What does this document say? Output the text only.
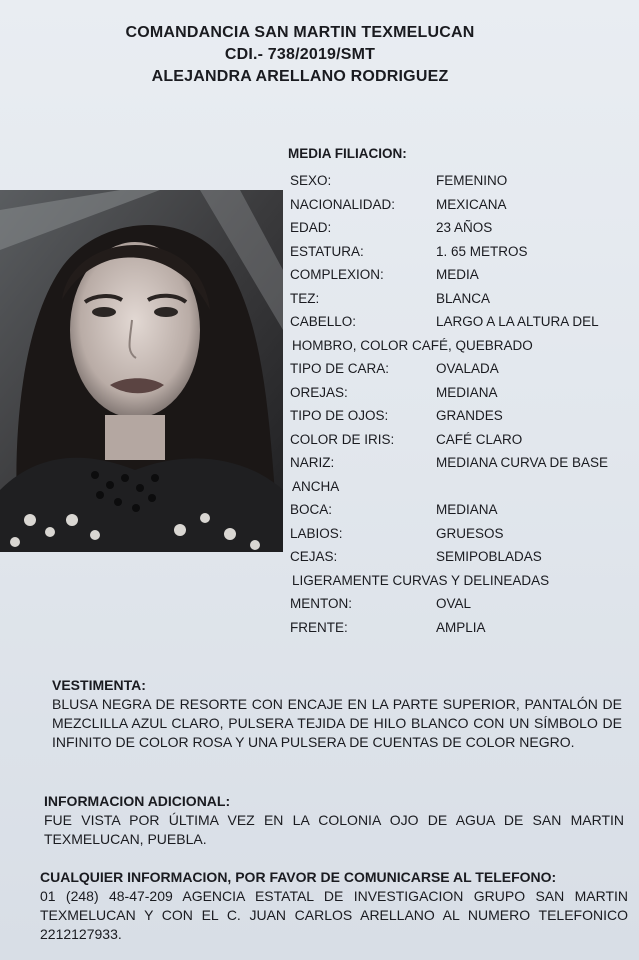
COMANDANCIA SAN MARTIN TEXMELUCAN
CDI.- 738/2019/SMT
ALEJANDRA ARELLANO RODRIGUEZ
MEDIA FILIACION:
SEXO:	FEMENINO
NACIONALIDAD:	MEXICANA
EDAD:	23 AÑOS
ESTATURA:	1. 65 METROS
COMPLEXION:	MEDIA
TEZ:	BLANCA
CABELLO:	LARGO A LA ALTURA DEL
HOMBRO, COLOR CAFÉ, QUEBRADO
TIPO DE CARA:	OVALADA
OREJAS:	MEDIANA
TIPO DE OJOS:	GRANDES
COLOR DE IRIS:	CAFÉ CLARO
NARIZ:	MEDIANA CURVA DE BASE
ANCHA
BOCA:	MEDIANA
LABIOS:	GRUESOS
CEJAS:	SEMIPOBLADAS
LIGERAMENTE CURVAS Y DELINEADAS
MENTON:	OVAL
FRENTE:	AMPLIA
VESTIMENTA:
BLUSA NEGRA DE RESORTE CON ENCAJE EN LA PARTE SUPERIOR, PANTALÓN DE MEZCLILLA AZUL CLARO, PULSERA TEJIDA DE HILO BLANCO CON UN SÍMBOLO DE INFINITO DE COLOR ROSA Y UNA PULSERA DE CUENTAS DE COLOR NEGRO.
INFORMACION ADICIONAL:
FUE VISTA POR ÚLTIMA VEZ EN LA COLONIA OJO DE AGUA DE SAN MARTIN TEXMELUCAN, PUEBLA.
CUALQUIER INFORMACION, POR FAVOR DE COMUNICARSE AL TELEFONO:
01 (248) 48-47-209 AGENCIA ESTATAL DE INVESTIGACION GRUPO SAN MARTIN TEXMELUCAN Y CON EL C. JUAN CARLOS ARELLANO AL NUMERO TELEFONICO 2212127933.
